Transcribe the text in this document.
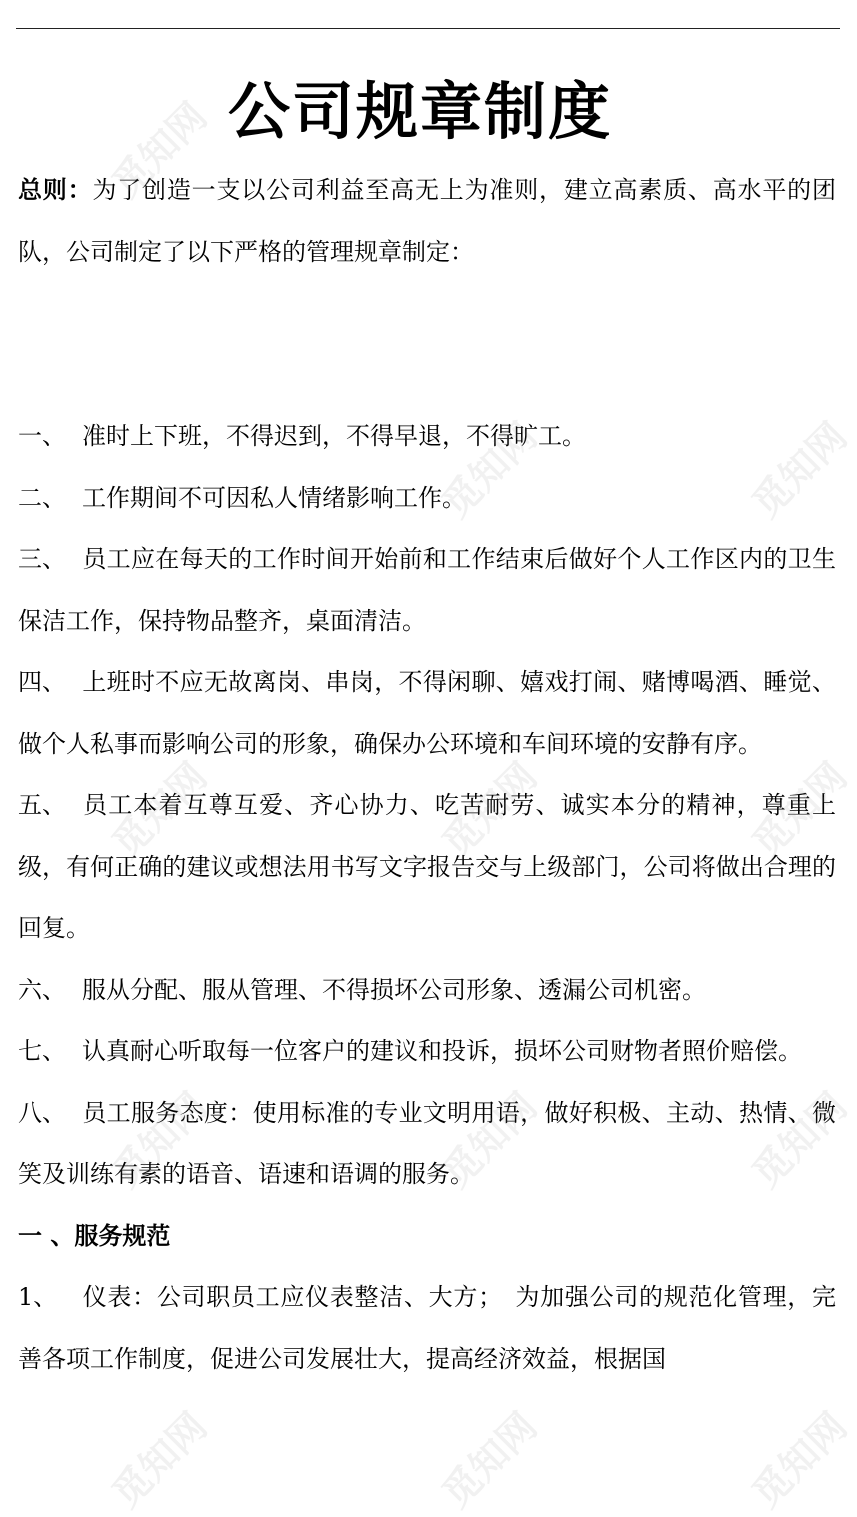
公司规章制度

总则：为了创造一支以公司利益至高无上为准则，建立高素质、高水平的团队，公司制定了以下严格的管理规章制定：

一、 准时上下班，不得迟到，不得早退，不得旷工。

二、 工作期间不可因私人情绪影响工作。

三、 员工应在每天的工作时间开始前和工作结束后做好个人工作区内的卫生保洁工作，保持物品整齐，桌面清洁。

四、 上班时不应无故离岗、串岗，不得闲聊、嬉戏打闹、赌博喝酒、睡觉、做个人私事而影响公司的形象，确保办公环境和车间环境的安静有序。

五、 员工本着互尊互爱、齐心协力、吃苦耐劳、诚实本分的精神，尊重上级，有何正确的建议或想法用书写文字报告交与上级部门，公司将做出合理的回复。

六、 服从分配、服从管理、不得损坏公司形象、透漏公司机密。

七、 认真耐心听取每一位客户的建议和投诉，损坏公司财物者照价赔偿。

八、 员工服务态度：使用标准的专业文明用语，做好积极、主动、热情、微笑及训练有素的语音、语速和语调的服务。

一 、服务规范

1、 仪表：公司职员工应仪表整洁、大方；　为加强公司的规范化管理，完善各项工作制度，促进公司发展壮大，提高经济效益，根据国

觅知网
觅知网	觅知网
觅知网	觅知网	觅知网
觅知网	觅知网	觅知网
觅知网	觅知网	觅知网
